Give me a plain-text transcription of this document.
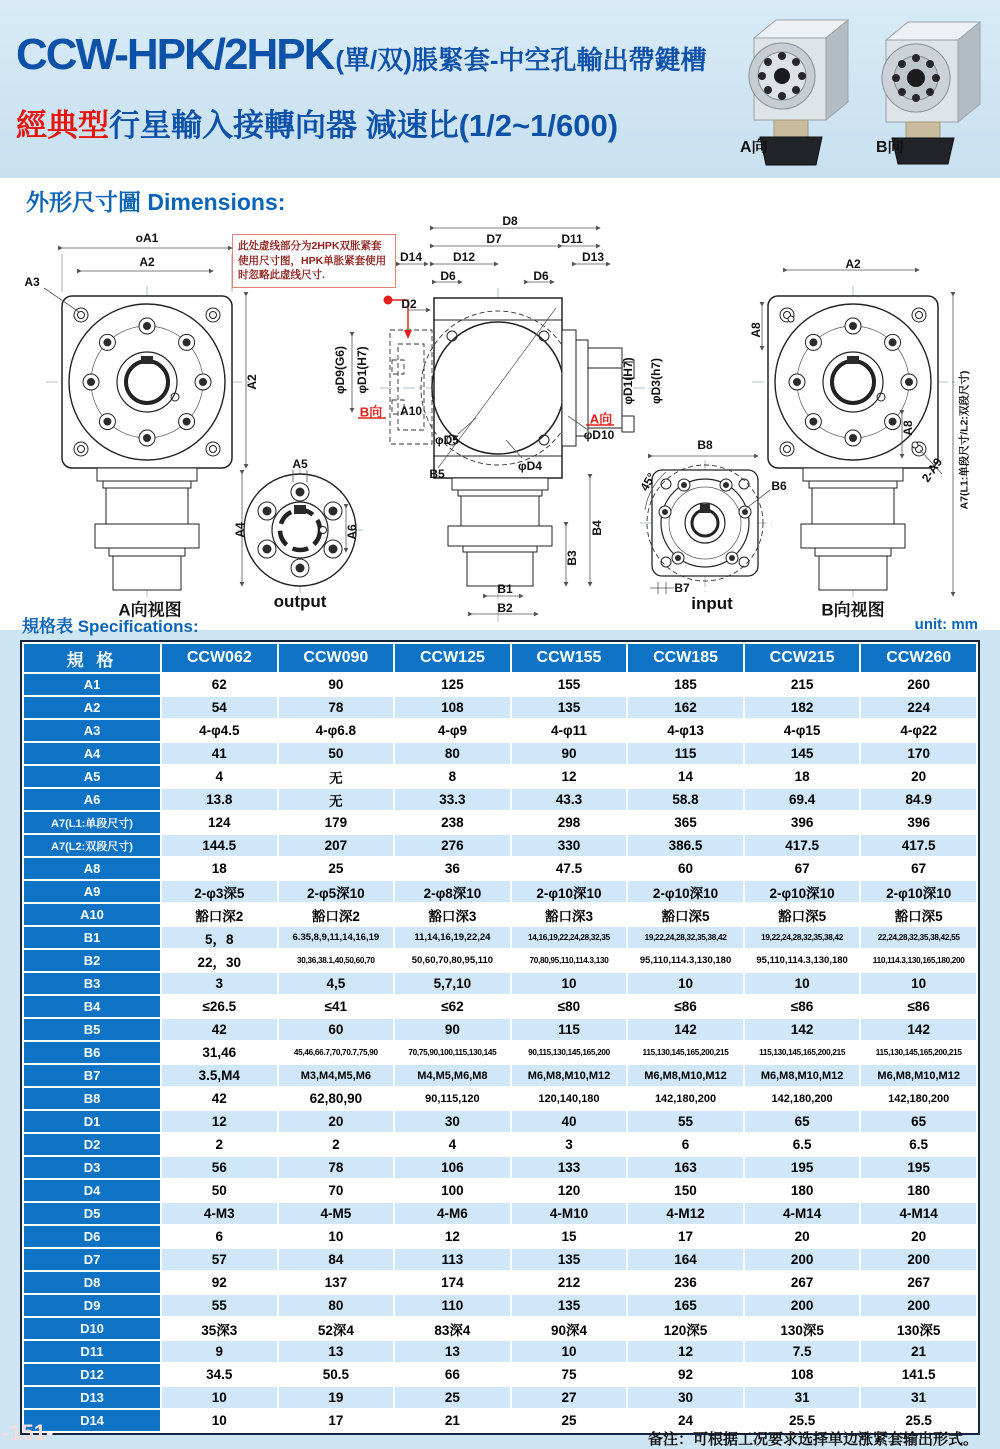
CCW-HPK/2HPK(單/双)脹緊套-中空孔輸出帶鍵槽
經典型行星輸入接轉向器 減速比(1/2~1/600)
A向	B向
外形尺寸圖 Dimensions:
此处虚线部分为2HPK双胀紧套使用尺寸图，HPK单胀紧套使用时忽略此虚线尺寸.
oA1
A2
A3
A2
A向视图
D8
D7	D11
D14	D12	D13
D6	D6
D2
φD9(G6) φD1(H7)
B向 A10
φD1(H7) φD3(h7)
A向
φD5	φD10
φD4
B5
B4
B3
B1
B2
A5
A4	A6
output
B8
45°	B6
B7
input
A2
A8
A8
2-A9 A7(L1:单段尺寸/L2:双段尺寸)
B向视图
規格表 Specifications:	unit: mm
規 格	CCW062	CCW090	CCW125	CCW155	CCW185	CCW215	CCW260
A1	62	90	125	155	185	215	260
A2	54	78	108	135	162	182	224
A3	4-φ4.5	4-φ6.8	4-φ9	4-φ11	4-φ13	4-φ15	4-φ22
A4	41	50	80	90	115	145	170
A5	4	无	8	12	14	18	20
A6	13.8	无	33.3	43.3	58.8	69.4	84.9
A7(L1:单段尺寸)	124	179	238	298	365	396	396
A7(L2:双段尺寸)	144.5	207	276	330	386.5	417.5	417.5
A8	18	25	36	47.5	60	67	67
A9	2-φ3深5	2-φ5深10	2-φ8深10	2-φ10深10	2-φ10深10	2-φ10深10	2-φ10深10
A10	豁口深2	豁口深2	豁口深3	豁口深3	豁口深5	豁口深5	豁口深5
B1	5，8	6.35,8,9,11,14,16,19	11,14,16,19,22,24	14,16,19,22,24,28,32,35	19,22,24,28,32,35,38,42	19,22,24,28,32,35,38,42	22,24,28,32,35,38,42,55
B2	22，30	30,36,38.1,40,50,60,70	50,60,70,80,95,110	70,80,95,110,114.3,130	95,110,114.3,130,180	95,110,114.3,130,180	110,114.3,130,165,180,200
B3	3	4,5	5,7,10	10	10	10	10
B4	≤26.5	≤41	≤62	≤80	≤86	≤86	≤86
B5	42	60	90	115	142	142	142
B6	31,46	45,46,66.7,70,70.7,75,90	70,75,90,100,115,130,145	90,115,130,145,165,200	115,130,145,165,200,215	115,130,145,165,200,215	115,130,145,165,200,215
B7	3.5,M4	M3,M4,M5,M6	M4,M5,M6,M8	M6,M8,M10,M12	M6,M8,M10,M12	M6,M8,M10,M12	M6,M8,M10,M12
B8	42	62,80,90	90,115,120	120,140,180	142,180,200	142,180,200	142,180,200
D1	12	20	30	40	55	65	65
D2	2	2	4	3	6	6.5	6.5
D3	56	78	106	133	163	195	195
D4	50	70	100	120	150	180	180
D5	4-M3	4-M5	4-M6	4-M10	4-M12	4-M14	4-M14
D6	6	10	12	15	17	20	20
D7	57	84	113	135	164	200	200
D8	92	137	174	212	236	267	267
D9	55	80	110	135	165	200	200
D10	35深3	52深4	83深4	90深4	120深5	130深5	130深5
D11	9	13	13	10	12	7.5	21
D12	34.5	50.5	66	75	92	108	141.5
D13	10	19	25	27	30	31	31
D14	10	17	21	25	24	25.5	25.5
备注：可根据工况要求选择单边涨紧套输出形式。
-151-
